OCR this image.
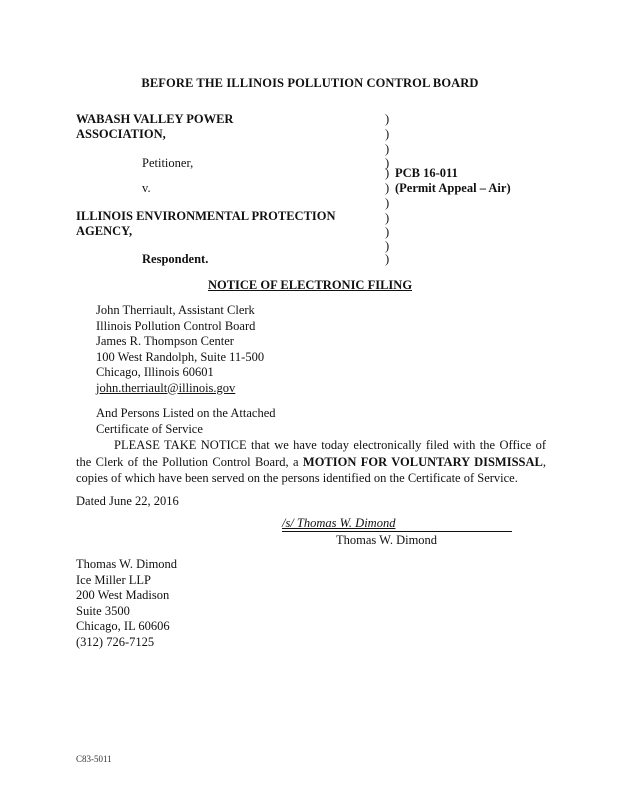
BEFORE THE ILLINOIS POLLUTION CONTROL BOARD
WABASH VALLEY POWER
ASSOCIATION,
Petitioner,
v.
ILLINOIS ENVIRONMENTAL PROTECTION
AGENCY,
Respondent.
)
)
)
)
)
)
)
)
)
)
)
PCB 16-011
(Permit Appeal – Air)
NOTICE OF ELECTRONIC FILING
John Therriault, Assistant Clerk
Illinois Pollution Control Board
James R. Thompson Center
100 West Randolph, Suite 11-500
Chicago, Illinois 60601
john.therriault@illinois.gov
And Persons Listed on the Attached
Certificate of Service
PLEASE TAKE NOTICE that we have today electronically filed with the Office of the Clerk of the Pollution Control Board, a MOTION FOR VOLUNTARY DISMISSAL, copies of which have been served on the persons identified on the Certificate of Service.
Dated June 22, 2016
/s/ Thomas W. Dimond
Thomas W. Dimond
Thomas W. Dimond
Ice Miller LLP
200 West Madison
Suite 3500
Chicago, IL 60606
(312) 726-7125
C83-5011
